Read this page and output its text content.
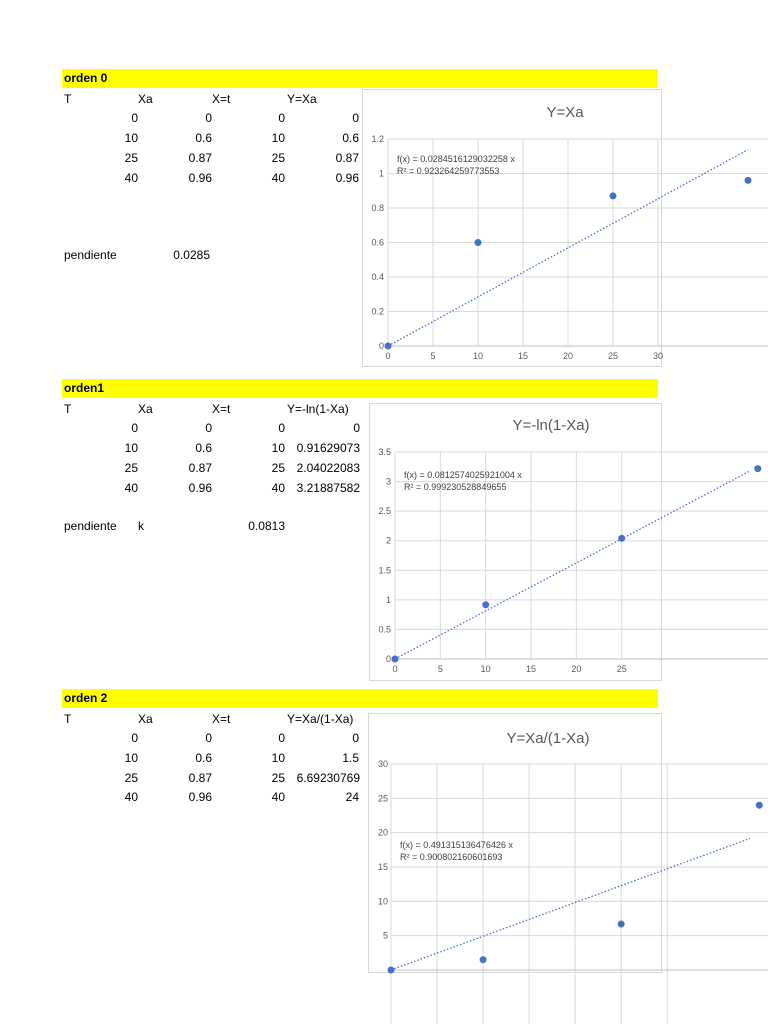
orden 0
T	Xa	X=t	Y=Xa
0	0	0	0
10	0.6	10	0.6
25	0.87	25	0.87
40	0.96	40	0.96
pendiente	0.0285
0
0.2
0.4
0.6
0.8
1
1.2
0	5	10	15	20	25	30
Y=Xa
f(x) = 0.0284516129032258 x
R² = 0.923264259773553
orden1
T	Xa	X=t	Y=-ln(1-Xa)
0	0	0	0
10	0.6	10 0.91629073
25	0.87	25 2.04022083
40	0.96	40 3.21887582
pendiente k	0.0813
0
0.5
1
1.5
2
2.5
3
3.5
0	5	10	15	20	25
Y=-ln(1-Xa)
f(x) = 0.0812574025921004 x
R² = 0.999230528849655
orden 2
T	Xa	X=t	Y=Xa/(1-Xa)
0	0	0	0
10	0.6	10	1.5
25	0.87	25 6.69230769
40	0.96	40	24
5
10
15
20
25
30
Y=Xa/(1-Xa)
f(x) = 0.491315136476426 x
R² = 0.900802160601693
